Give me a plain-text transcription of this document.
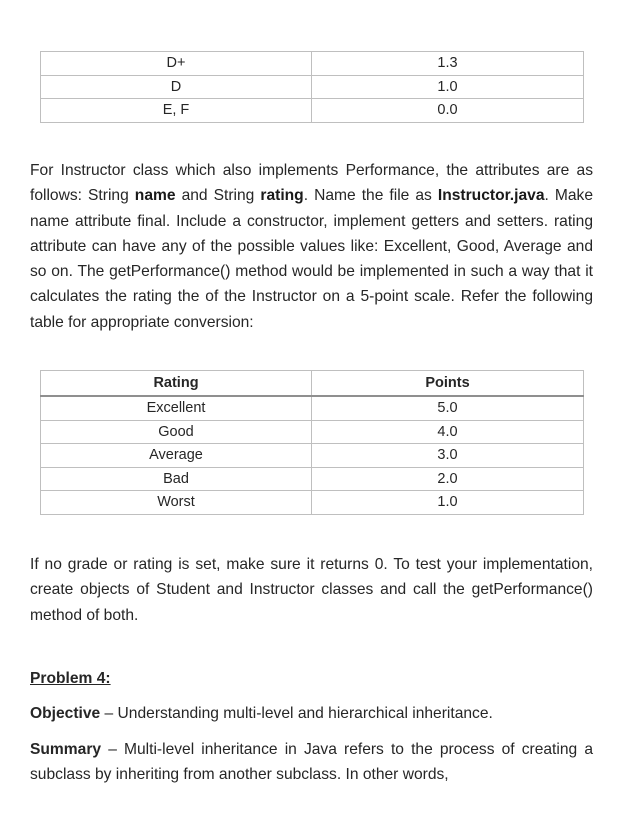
D+	1.3
D	1.0
E, F	0.0

For Instructor class which also implements Performance, the attributes are as follows: String name and String rating. Name the file as Instructor.java. Make name attribute final. Include a constructor, implement getters and setters. rating attribute can have any of the possible values like: Excellent, Good, Average and so on. The getPerformance() method would be implemented in such a way that it calculates the rating the of the Instructor on a 5-point scale. Refer the following table for appropriate conversion:

Rating	Points
Excellent	5.0
Good	4.0
Average	3.0
Bad	2.0
Worst	1.0

If no grade or rating is set, make sure it returns 0. To test your implementation, create objects of Student and Instructor classes and call the getPerformance() method of both.

Problem 4:

Objective – Understanding multi-level and hierarchical inheritance.

Summary – Multi-level inheritance in Java refers to the process of creating a subclass by inheriting from another subclass. In other words,
